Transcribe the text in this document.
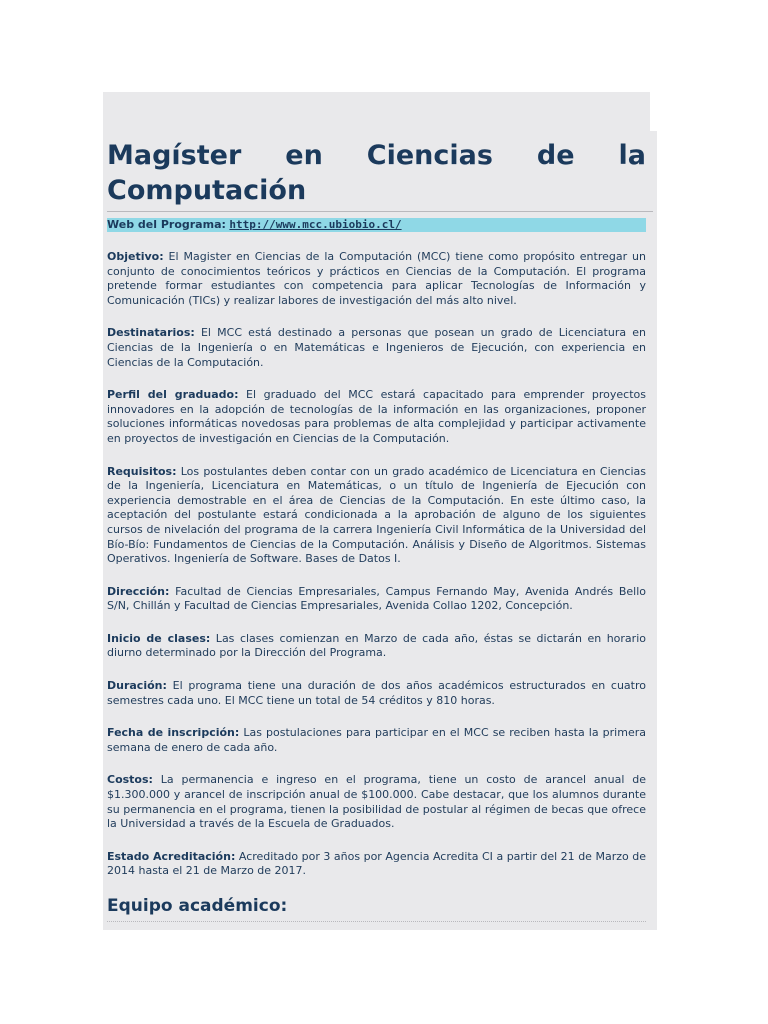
Magíster en Ciencias de la Computación
Web del Programa: http://www.mcc.ubiobio.cl/

Objetivo: El Magister en Ciencias de la Computación (MCC) tiene como propósito entregar un conjunto de conocimientos teóricos y prácticos en Ciencias de la Computación. El programa pretende formar estudiantes con competencia para aplicar Tecnologías de Información y Comunicación (TICs) y realizar labores de investigación del más alto nivel.

Destinatarios: El MCC está destinado a personas que posean un grado de Licenciatura en Ciencias de la Ingeniería o en Matemáticas e Ingenieros de Ejecución, con experiencia en Ciencias de la Computación.

Perfil del graduado: El graduado del MCC estará capacitado para emprender proyectos innovadores en la adopción de tecnologías de la información en las organizaciones, proponer soluciones informáticas novedosas para problemas de alta complejidad y participar activamente en proyectos de investigación en Ciencias de la Computación.

Requisitos: Los postulantes deben contar con un grado académico de Licenciatura en Ciencias de la Ingeniería, Licenciatura en Matemáticas, o un título de Ingeniería de Ejecución con experiencia demostrable en el área de Ciencias de la Computación. En este último caso, la aceptación del postulante estará condicionada a la aprobación de alguno de los siguientes cursos de nivelación del programa de la carrera Ingeniería Civil Informática de la Universidad del Bío-Bío: Fundamentos de Ciencias de la Computación. Análisis y Diseño de Algoritmos. Sistemas Operativos. Ingeniería de Software. Bases de Datos I.

Dirección: Facultad de Ciencias Empresariales, Campus Fernando May, Avenida Andrés Bello S/N, Chillán y Facultad de Ciencias Empresariales, Avenida Collao 1202, Concepción.

Inicio de clases: Las clases comienzan en Marzo de cada año, éstas se dictarán en horario diurno determinado por la Dirección del Programa.

Duración: El programa tiene una duración de dos años académicos estructurados en cuatro semestres cada uno. El MCC tiene un total de 54 créditos y 810 horas.

Fecha de inscripción: Las postulaciones para participar en el MCC se reciben hasta la primera semana de enero de cada año.

Costos: La permanencia e ingreso en el programa, tiene un costo de arancel anual de $1.300.000 y arancel de inscripción anual de $100.000. Cabe destacar, que los alumnos durante su permanencia en el programa, tienen la posibilidad de postular al régimen de becas que ofrece la Universidad a través de la Escuela de Graduados.

Estado Acreditación: Acreditado por 3 años por Agencia Acredita CI a partir del 21 de Marzo de 2014 hasta el 21 de Marzo de 2017.

Equipo académico:
